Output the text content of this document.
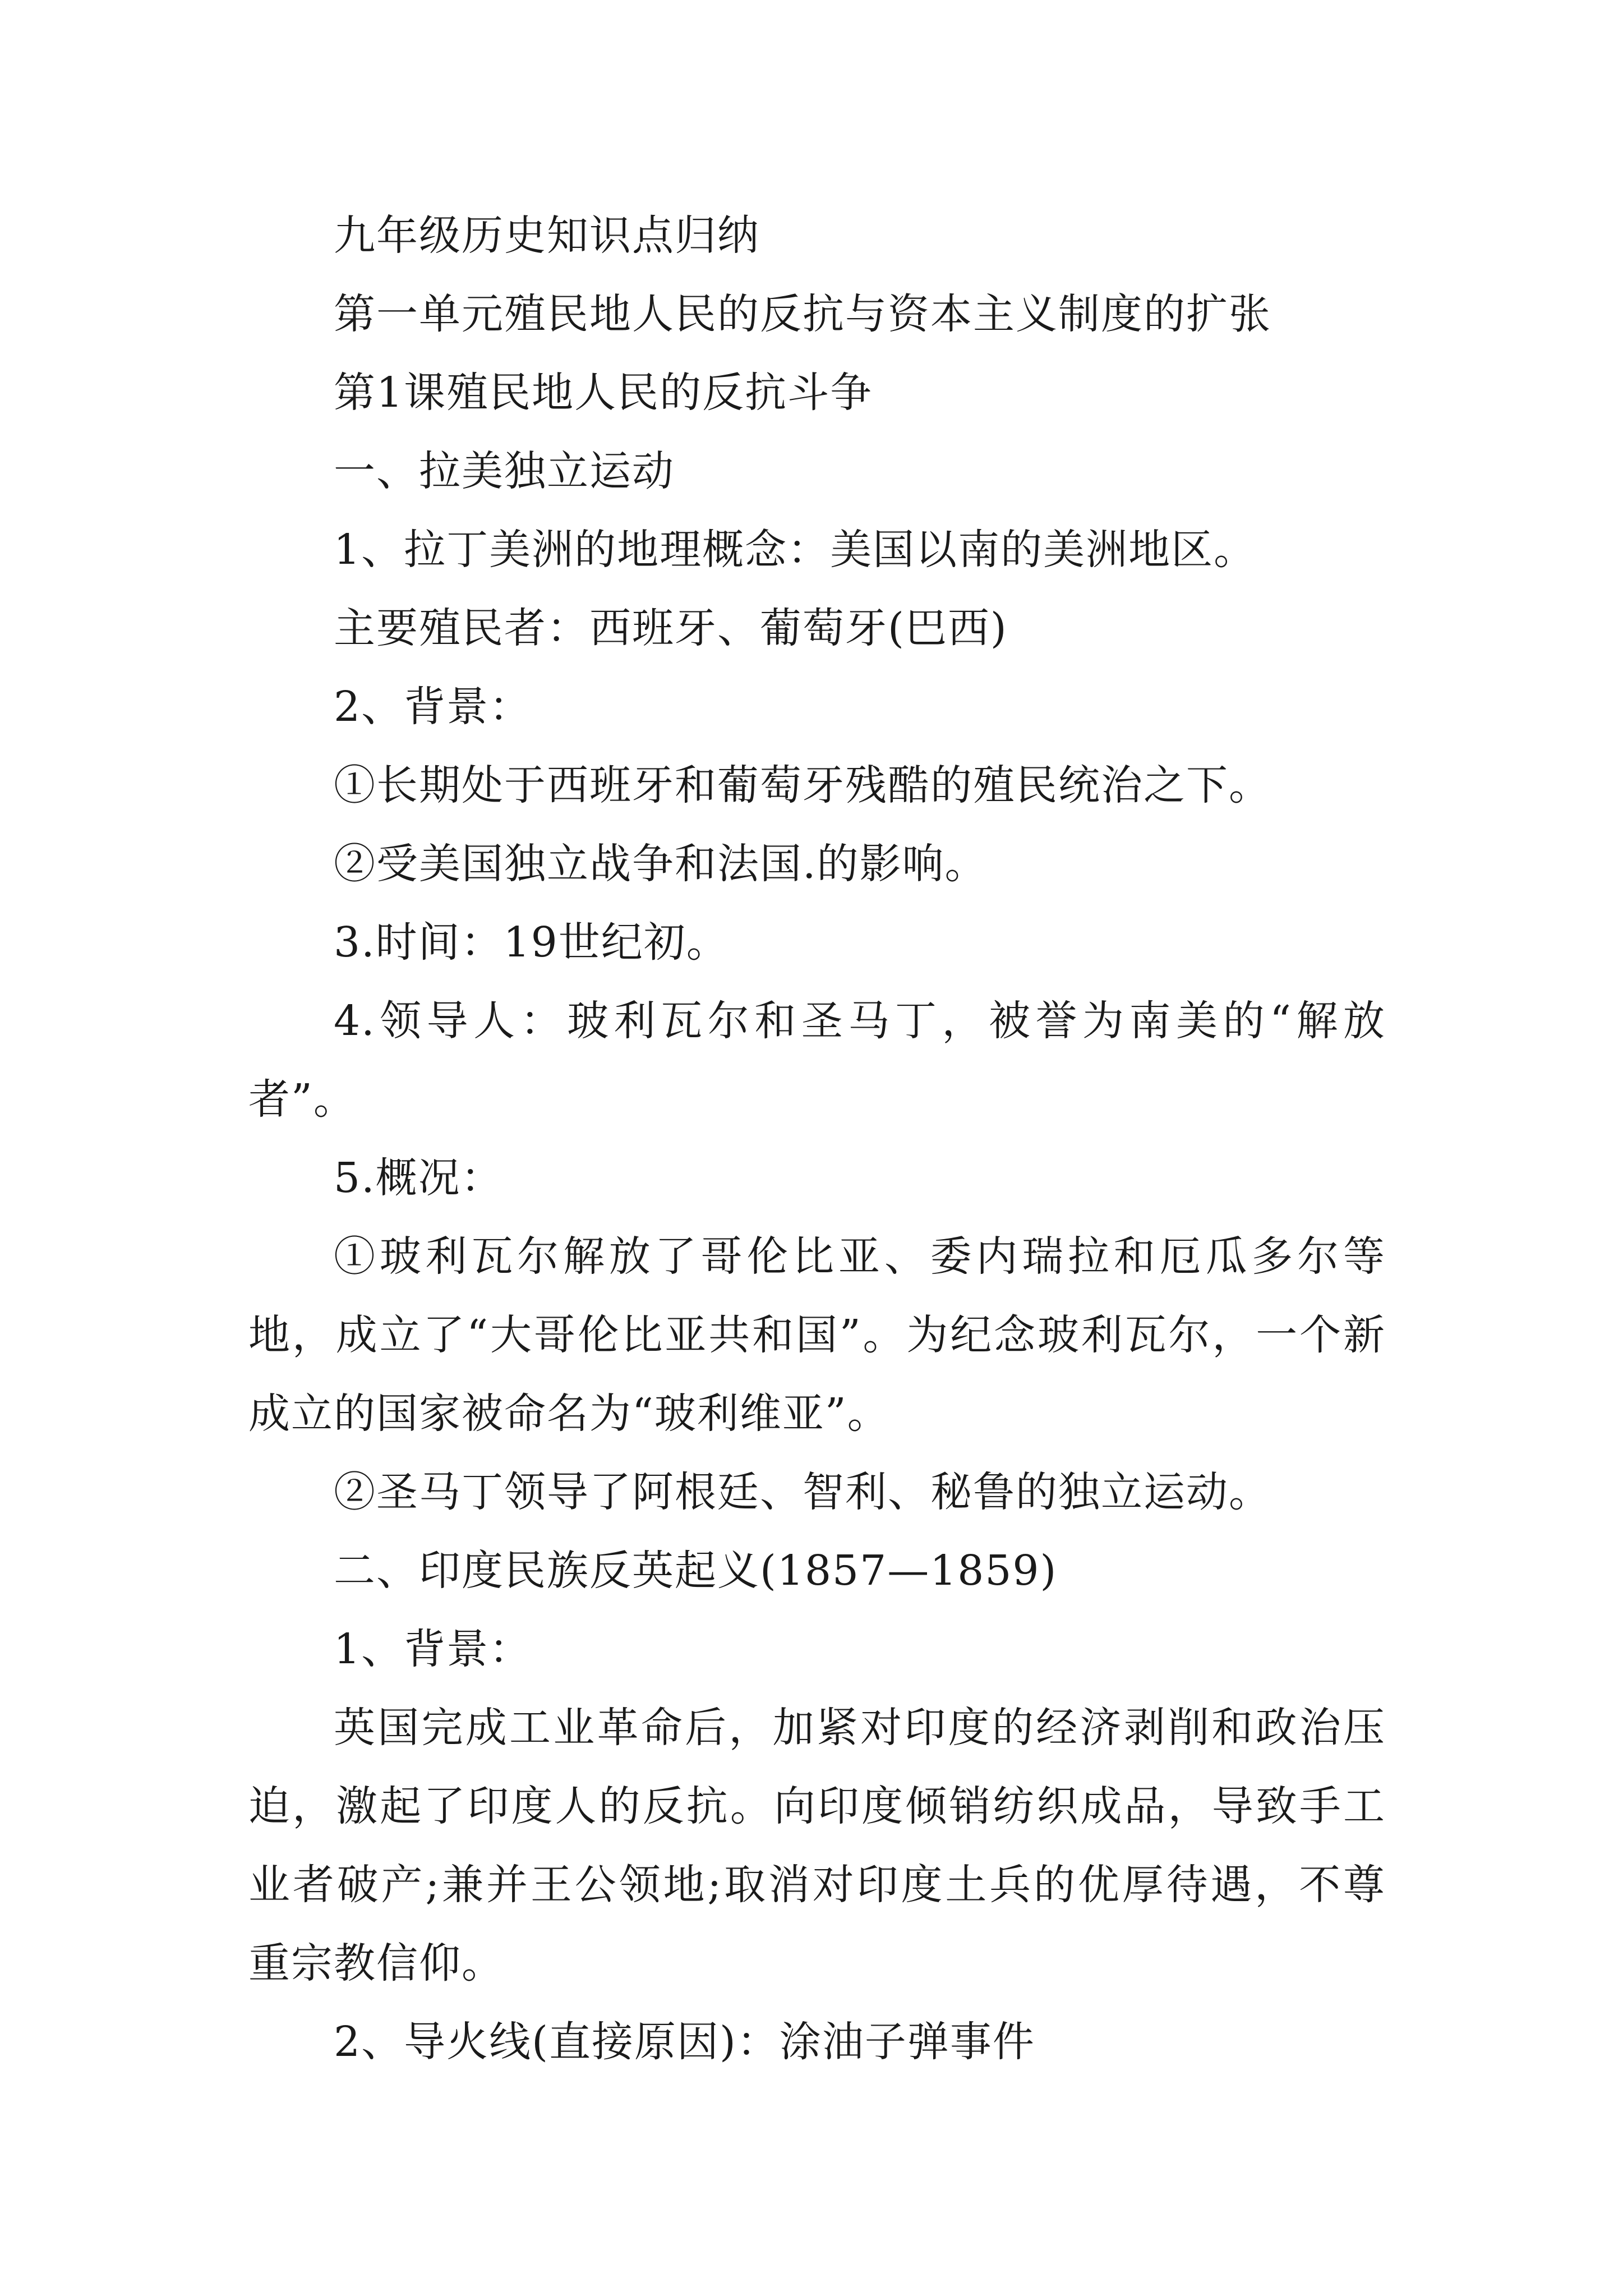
九年级历史知识点归纳

第一单元殖民地人民的反抗与资本主义制度的扩张

第1课殖民地人民的反抗斗争

一、拉美独立运动

1、拉丁美洲的地理概念：美国以南的美洲地区。

主要殖民者：西班牙、葡萄牙(巴西)

2、背景：

①长期处于西班牙和葡萄牙残酷的殖民统治之下。

②受美国独立战争和法国.的影响。

3.时间：19世纪初。

4.领导人：玻利瓦尔和圣马丁，被誉为南美的“解放者”。

5.概况：

①玻利瓦尔解放了哥伦比亚、委内瑞拉和厄瓜多尔等地，成立了“大哥伦比亚共和国”。为纪念玻利瓦尔，一个新成立的国家被命名为“玻利维亚”。

②圣马丁领导了阿根廷、智利、秘鲁的独立运动。

二、印度民族反英起义(1857—1859)

1、背景：

英国完成工业革命后，加紧对印度的经济剥削和政治压迫，激起了印度人的反抗。向印度倾销纺织成品，导致手工业者破产;兼并王公领地;取消对印度土兵的优厚待遇，不尊重宗教信仰。

2、导火线(直接原因)：涂油子弹事件
